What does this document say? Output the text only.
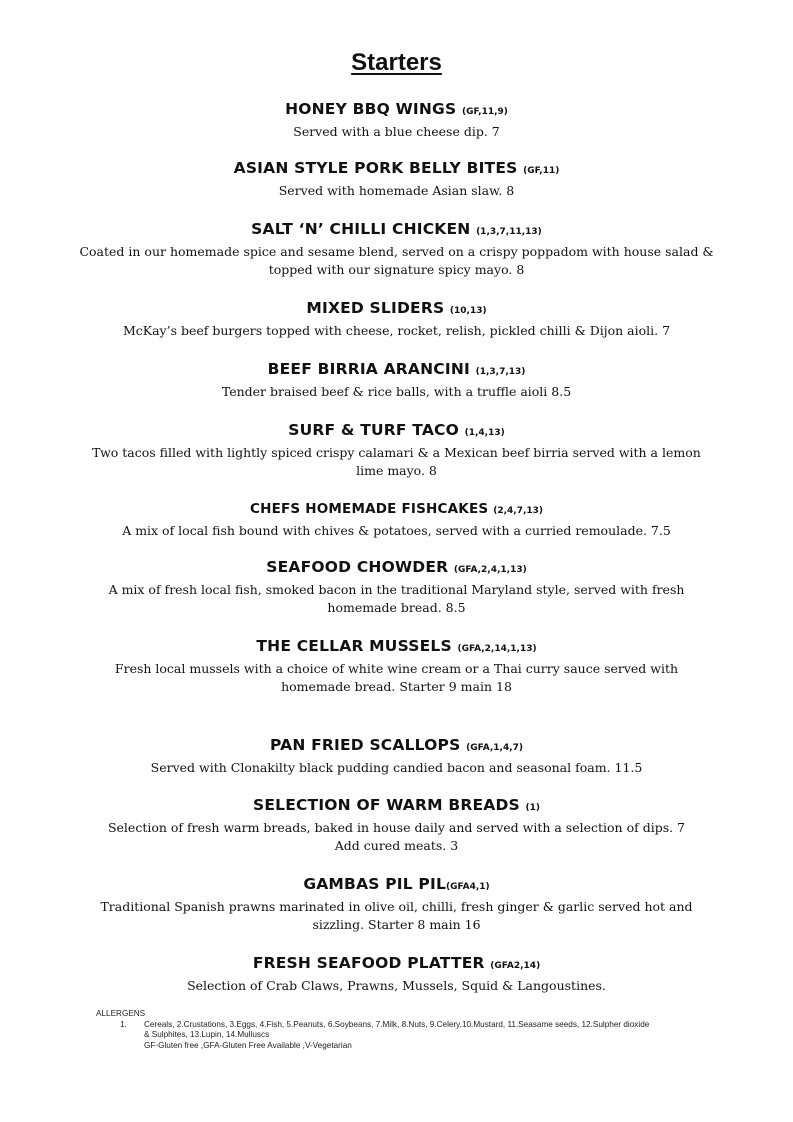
Starters
HONEY BBQ WINGS (GF,11,9)
Served with a blue cheese dip. 7
ASIAN STYLE PORK BELLY BITES (GF,11)
Served with homemade Asian slaw. 8
SALT ‘N’ CHILLI CHICKEN (1,3,7,11,13)
Coated in our homemade spice and sesame blend, served on a crispy poppadom with house salad &
topped with our signature spicy mayo. 8
MIXED SLIDERS (10,13)
McKay’s beef burgers topped with cheese, rocket, relish, pickled chilli & Dijon aioli. 7
BEEF BIRRIA ARANCINI (1,3,7,13)
Tender braised beef & rice balls, with a truffle aioli 8.5
SURF & TURF TACO (1,4,13)
Two tacos filled with lightly spiced crispy calamari & a Mexican beef birria served with a lemon
lime mayo. 8
CHEFS HOMEMADE FISHCAKES (2,4,7,13)
A mix of local fish bound with chives & potatoes, served with a curried remoulade. 7.5
SEAFOOD CHOWDER (GFA,2,4,1,13)
A mix of fresh local fish, smoked bacon in the traditional Maryland style, served with fresh
homemade bread. 8.5
THE CELLAR MUSSELS (GFA,2,14,1,13)
Fresh local mussels with a choice of white wine cream or a Thai curry sauce served with
homemade bread. Starter 9 main 18
PAN FRIED SCALLOPS (GFA,1,4,7)
Served with Clonakilty black pudding candied bacon and seasonal foam. 11.5
SELECTION OF WARM BREADS (1)
Selection of fresh warm breads, baked in house daily and served with a selection of dips. 7
Add cured meats. 3
GAMBAS PIL PIL(GFA4,1)
Traditional Spanish prawns marinated in olive oil, chilli, fresh ginger & garlic served hot and
sizzling. Starter 8 main 16
FRESH SEAFOOD PLATTER (GFA2,14)
Selection of Crab Claws, Prawns, Mussels, Squid & Langoustines.
ALLERGENS
1.	Cereals, 2.Crustations, 3.Eggs, 4.Fish, 5.Peanuts, 6.Soybeans, 7.Milk, 8.Nuts, 9.Celery,10.Mustard, 11.Seasame seeds, 12.Sulpher dioxide
& Sulphites, 13.Lupin, 14.Mulluscs
GF-Gluten free ,GFA-Gluten Free Available ,V-Vegetarian
